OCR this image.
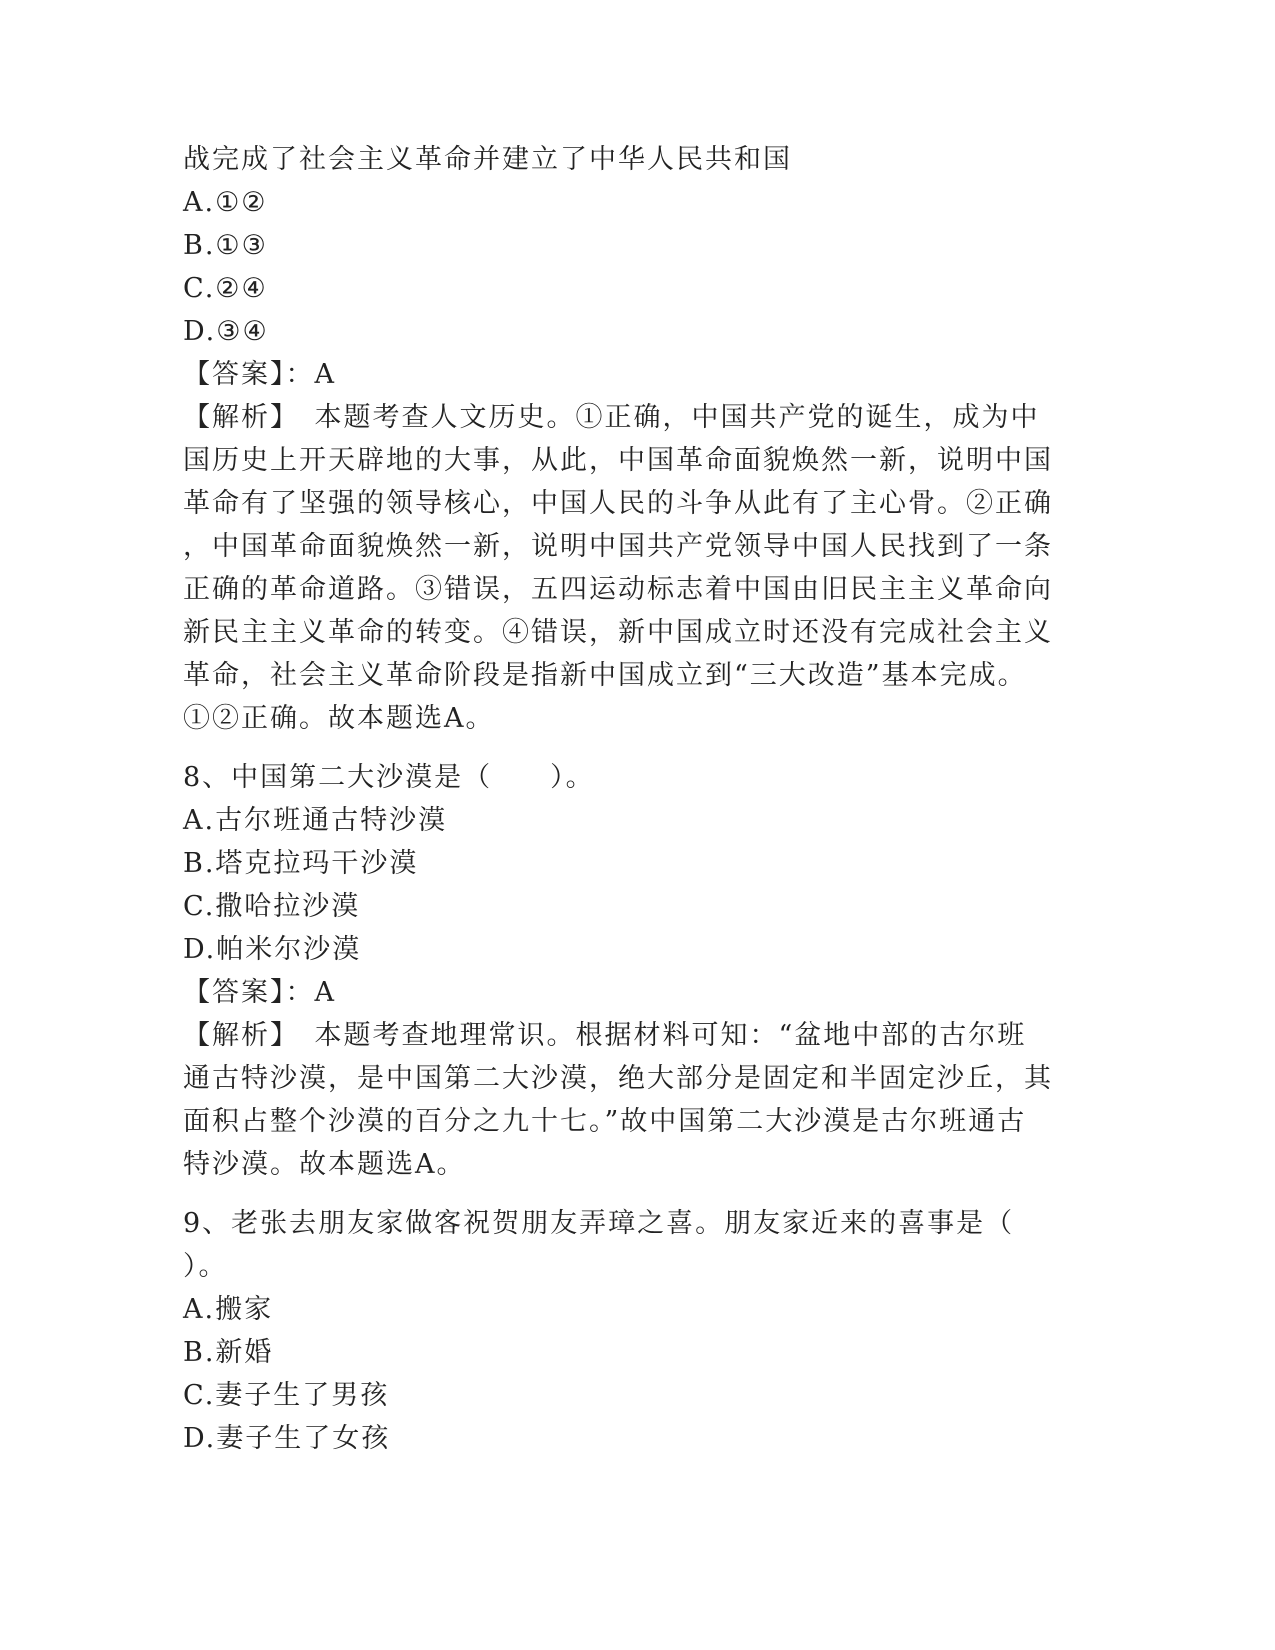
战完成了社会主义革命并建立了中华人民共和国
A.①②
B.①③
C.②④
D.③④
【答案】：A
【解析】　本题考查人文历史。①正确，中国共产党的诞生，成为中
国历史上开天辟地的大事，从此，中国革命面貌焕然一新，说明中国
革命有了坚强的领导核心，中国人民的斗争从此有了主心骨。②正确
，中国革命面貌焕然一新，说明中国共产党领导中国人民找到了一条
正确的革命道路。③错误，五四运动标志着中国由旧民主主义革命向
新民主主义革命的转变。④错误，新中国成立时还没有完成社会主义
革命，社会主义革命阶段是指新中国成立到“三大改造”基本完成。
①②正确。故本题选A。
8、中国第二大沙漠是（　　）。
A.古尔班通古特沙漠
B.塔克拉玛干沙漠
C.撒哈拉沙漠
D.帕米尔沙漠
【答案】：A
【解析】　本题考查地理常识。根据材料可知：“盆地中部的古尔班
通古特沙漠，是中国第二大沙漠，绝大部分是固定和半固定沙丘，其
面积占整个沙漠的百分之九十七。”故中国第二大沙漠是古尔班通古
特沙漠。故本题选A。
9、老张去朋友家做客祝贺朋友弄璋之喜。朋友家近来的喜事是（
）。
A.搬家
B.新婚
C.妻子生了男孩
D.妻子生了女孩
